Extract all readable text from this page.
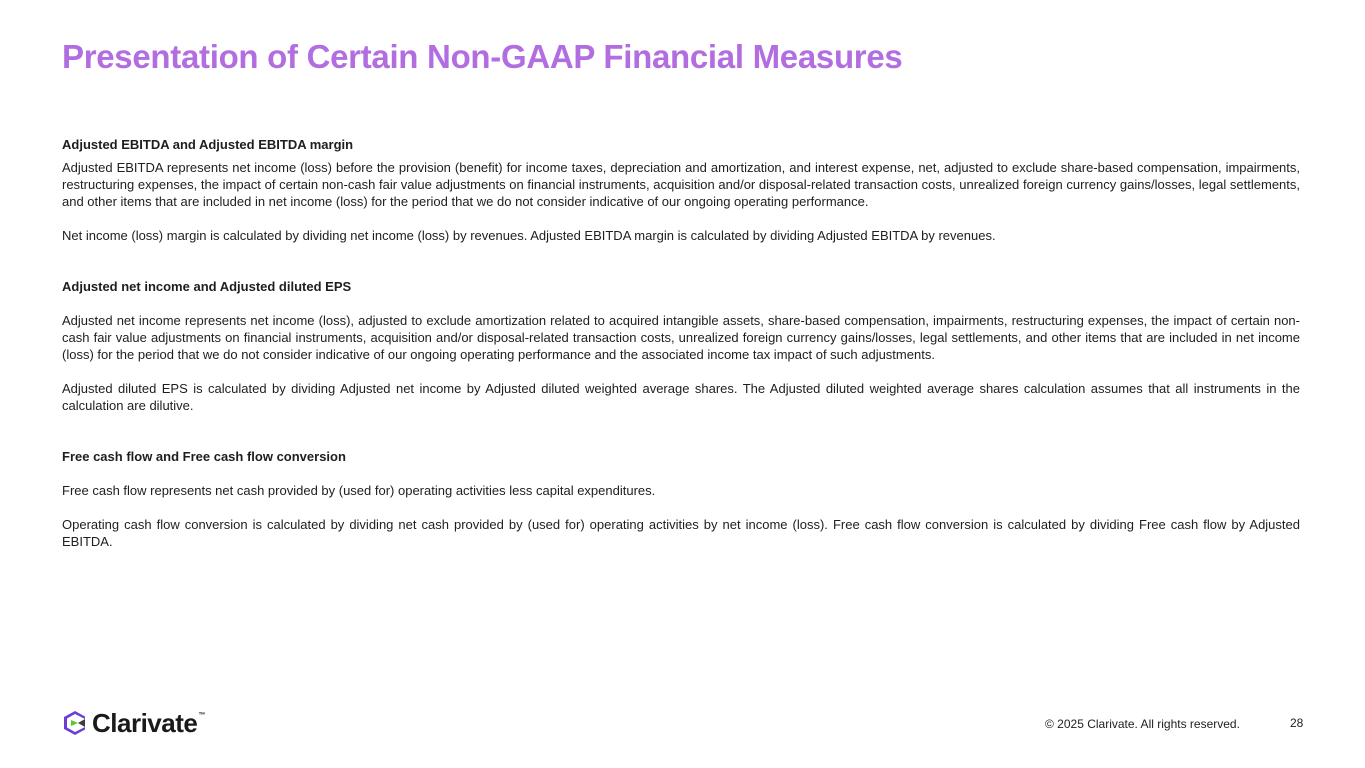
Presentation of Certain Non-GAAP Financial Measures
Adjusted EBITDA and Adjusted EBITDA margin

Adjusted EBITDA represents net income (loss) before the provision (benefit) for income taxes, depreciation and amortization, and interest expense, net, adjusted to exclude share-based compensation, impairments, restructuring expenses, the impact of certain non-cash fair value adjustments on financial instruments, acquisition and/or disposal-related transaction costs, unrealized foreign currency gains/losses, legal settlements, and other items that are included in net income (loss) for the period that we do not consider indicative of our ongoing operating performance.

Net income (loss) margin is calculated by dividing net income (loss) by revenues. Adjusted EBITDA margin is calculated by dividing Adjusted EBITDA by revenues.

Adjusted net income and Adjusted diluted EPS

Adjusted net income represents net income (loss), adjusted to exclude amortization related to acquired intangible assets, share-based compensation, impairments, restructuring expenses, the impact of certain non-cash fair value adjustments on financial instruments, acquisition and/or disposal-related transaction costs, unrealized foreign currency gains/losses, legal settlements, and other items that are included in net income (loss) for the period that we do not consider indicative of our ongoing operating performance and the associated income tax impact of such adjustments.

Adjusted diluted EPS is calculated by dividing Adjusted net income by Adjusted diluted weighted average shares. The Adjusted diluted weighted average shares calculation assumes that all instruments in the calculation are dilutive.

Free cash flow and Free cash flow conversion

Free cash flow represents net cash provided by (used for) operating activities less capital expenditures.

Operating cash flow conversion is calculated by dividing net cash provided by (used for) operating activities by net income (loss). Free cash flow conversion is calculated by dividing Free cash flow by Adjusted EBITDA.

Clarivate ™
© 2025 Clarivate. All rights reserved.	28
